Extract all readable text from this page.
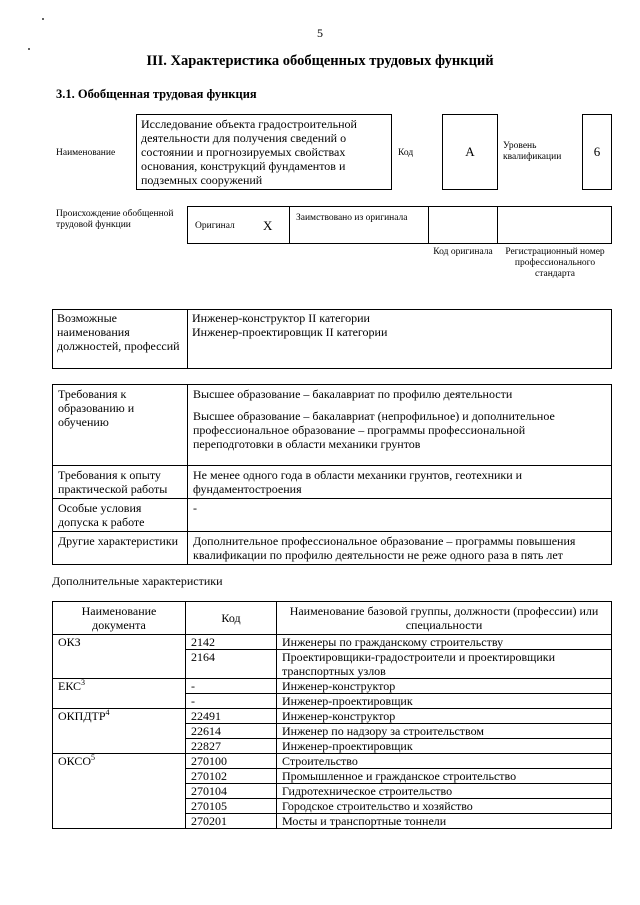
5
III. Характеристика обобщенных трудовых функций
3.1. Обобщенная трудовая функция
Наименование
Исследование объекта градостроительной деятельности для получения сведений о состоянии и прогнозируемых свойствах основания, конструкций фундаментов и подземных сооружений
Код	А	Уровень квалификации	6
Происхождение обобщенной трудовой функции	Оригинал X Заимствовано из оригинала
Код оригинала	Регистрационный номер профессионального стандарта
Возможные наименования должностей, профессий	
Инженер-конструктор II категории
Инженер-проектировщик II категории
Требования к образованию и обучению	Высшее образование – бакалавриат по профилю деятельности
Высшее образование – бакалавриат (непрофильное) и дополнительное профессиональное образование – программы профессиональной переподготовки в области механики грунтов

Требования к опыту практической работы	Не менее одного года в области механики грунтов, геотехники и фундаментостроения
Особые условия допуска к работе	-
Другие характеристики	Дополнительное профессиональное образование – программы повышения квалификации по профилю деятельности не реже одного раза в пять лет
Дополнительные характеристики
Наименование документа	Код	Наименование базовой группы, должности (профессии) или специальности
ОКЗ	2142	Инженеры по гражданскому строительству
	2164	Проектировщики-градостроители и проектировщики транспортных узлов
ЕКС$^3$	-	Инженер-конструктор
	-	Инженер-проектировщик
ОКПДТР$^4$	22491	Инженер-конструктор
	22614	Инженер по надзору за строительством
	22827	Инженер-проектировщик
ОКСО$^5$	270100	Строительство
	270102	Промышленное и гражданское строительство
	270104	Гидротехническое строительство
	270105	Городское строительство и хозяйство
	270201	Мосты и транспортные тоннели
